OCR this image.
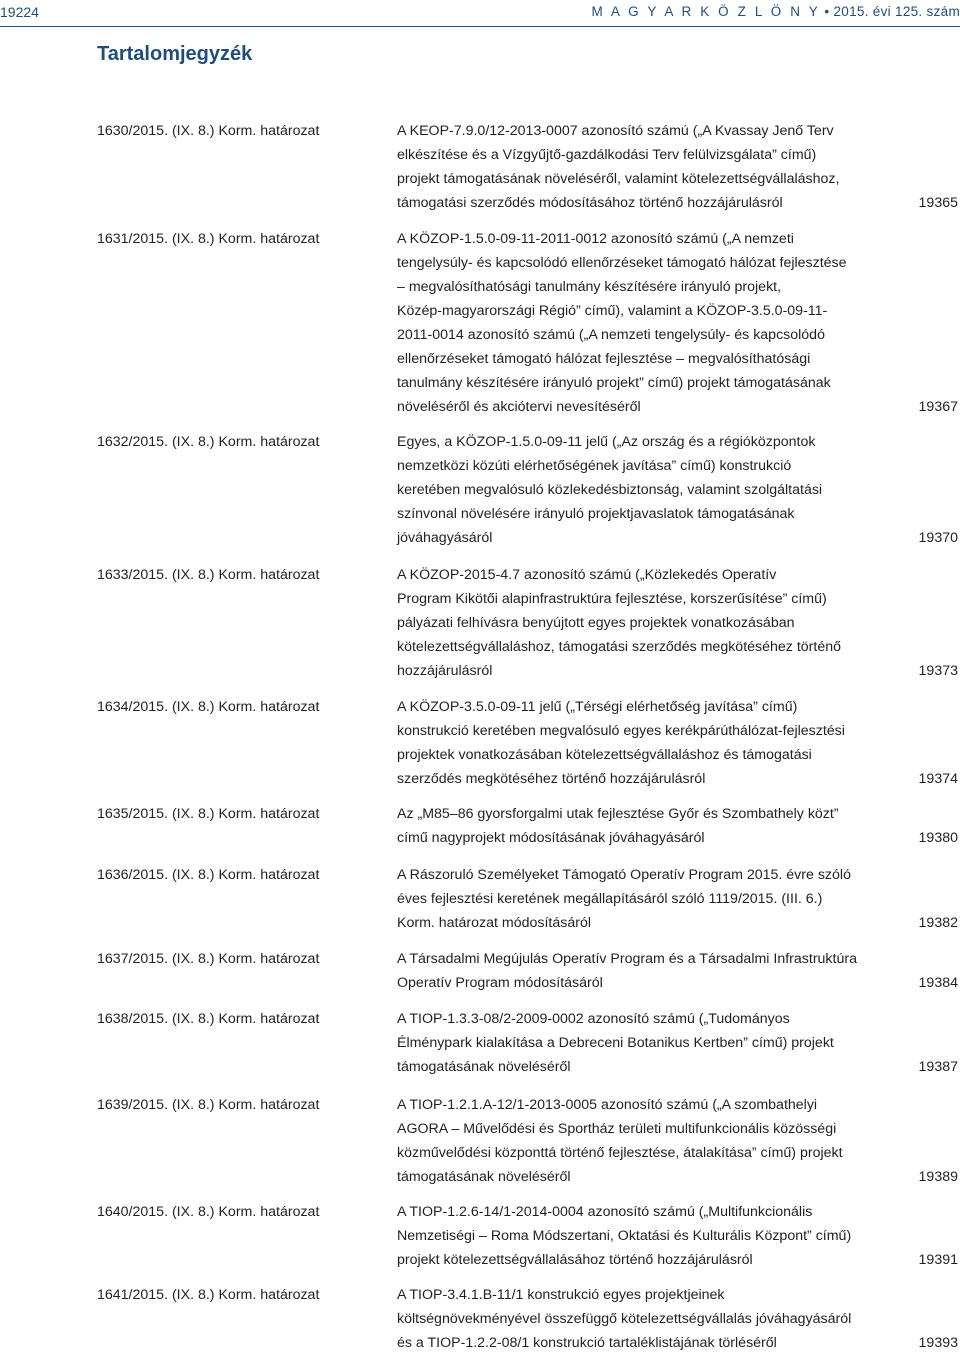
19224	M A G Y A R K Ö Z L Ö N Y • 2015. évi 125. szám
Tartalomjegyzék
1630/2015. (IX. 8.) Korm. határozat	A KEOP-7.9.0/12-2013-0007 azonosító számú („A Kvassay Jenő Terv
elkészítése és a Vízgyűjtő-gazdálkodási Terv felülvizsgálata” című)
projekt támogatásának növeléséről, valamint kötelezettségvállaláshoz,
támogatási szerződés módosításához történő hozzájárulásról	19365
1631/2015. (IX. 8.) Korm. határozat	A KÖZOP-1.5.0-09-11-2011-0012 azonosító számú („A nemzeti
tengelysúly- és kapcsolódó ellenőrzéseket támogató hálózat fejlesztése
– megvalósíthatósági tanulmány készítésére irányuló projekt,
Közép-magyarországi Régió” című), valamint a KÖZOP-3.5.0-09-11-
2011-0014 azonosító számú („A nemzeti tengelysúly- és kapcsolódó
ellenőrzéseket támogató hálózat fejlesztése – megvalósíthatósági
tanulmány készítésére irányuló projekt” című) projekt támogatásának
növeléséről és akciótervi nevesítéséről	19367
1632/2015. (IX. 8.) Korm. határozat	Egyes, a KÖZOP-1.5.0-09-11 jelű („Az ország és a régióközpontok
nemzetközi közúti elérhetőségének javítása” című) konstrukció
keretében megvalósuló közlekedésbiztonság, valamint szolgáltatási
színvonal növelésére irányuló projektjavaslatok támogatásának
jóváhagyásáról	19370
1633/2015. (IX. 8.) Korm. határozat	A KÖZOP-2015-4.7 azonosító számú („Közlekedés Operatív
Program Kikötői alapinfrastruktúra fejlesztése, korszerűsítése” című)
pályázati felhívásra benyújtott egyes projektek vonatkozásában
kötelezettségvállaláshoz, támogatási szerződés megkötéséhez történő
hozzájárulásról	19373
1634/2015. (IX. 8.) Korm. határozat	A KÖZOP-3.5.0-09-11 jelű („Térségi elérhetőség javítása” című)
konstrukció keretében megvalósuló egyes kerékpárúthálózat-fejlesztési
projektek vonatkozásában kötelezettségvállaláshoz és támogatási
szerződés megkötéséhez történő hozzájárulásról	19374
1635/2015. (IX. 8.) Korm. határozat	Az „M85–86 gyorsforgalmi utak fejlesztése Győr és Szombathely közt”
című nagyprojekt módosításának jóváhagyásáról	19380
1636/2015. (IX. 8.) Korm. határozat	A Rászoruló Személyeket Támogató Operatív Program 2015. évre szóló
éves fejlesztési keretének megállapításáról szóló 1119/2015. (III. 6.)
Korm. határozat módosításáról	19382
1637/2015. (IX. 8.) Korm. határozat	A Társadalmi Megújulás Operatív Program és a Társadalmi Infrastruktúra
Operatív Program módosításáról	19384
1638/2015. (IX. 8.) Korm. határozat	A TIOP-1.3.3-08/2-2009-0002 azonosító számú („Tudományos
Élménypark kialakítása a Debreceni Botanikus Kertben” című) projekt
támogatásának növeléséről	19387
1639/2015. (IX. 8.) Korm. határozat	A TIOP-1.2.1.A-12/1-2013-0005 azonosító számú („A szombathelyi
AGORA – Művelődési és Sportház területi multifunkcionális közösségi
közművelődési központtá történő fejlesztése, átalakítása” című) projekt
támogatásának növeléséről	19389
1640/2015. (IX. 8.) Korm. határozat	A TIOP-1.2.6-14/1-2014-0004 azonosító számú („Multifunkcionális
Nemzetiségi – Roma Módszertani, Oktatási és Kulturális Központ” című)
projekt kötelezettségvállalásához történő hozzájárulásról	19391
1641/2015. (IX. 8.) Korm. határozat	A TIOP-3.4.1.B-11/1 konstrukció egyes projektjeinek
költségnövekményével összefüggő kötelezettségvállalás jóváhagyásáról
és a TIOP-1.2.2-08/1 konstrukció tartaléklistájának törléséről	19393
